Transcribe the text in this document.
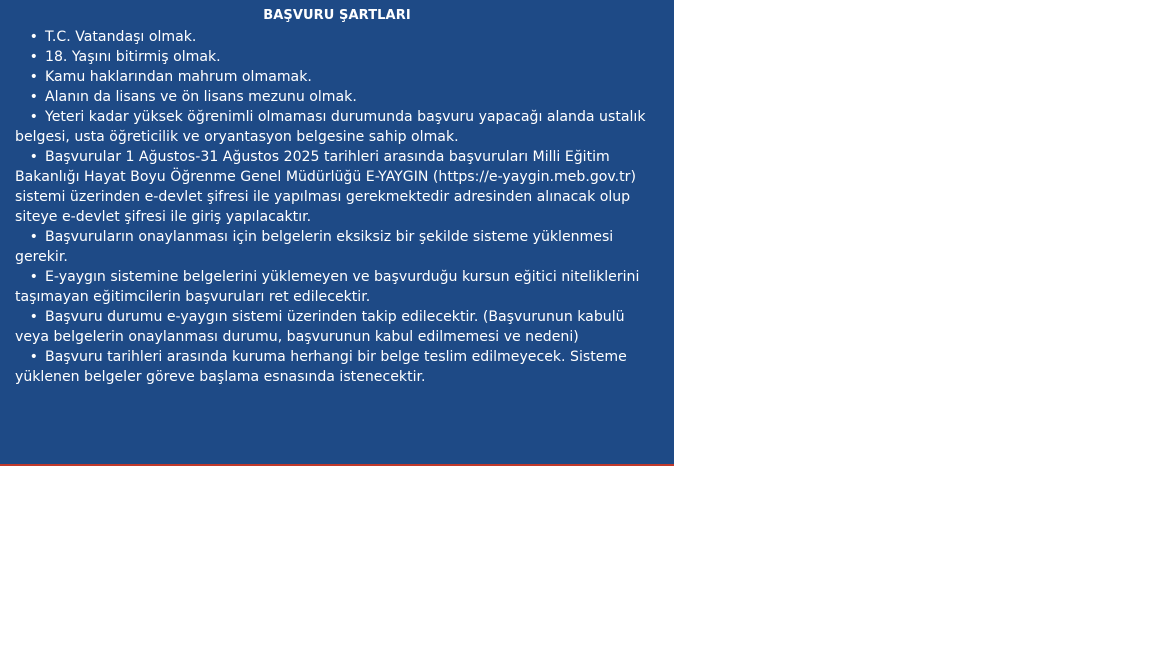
BAŞVURU ŞARTLARI
•T.C. Vatandaşı olmak.
•18. Yaşını bitirmiş olmak.
•Kamu haklarından mahrum olmamak.
•Alanın da lisans ve ön lisans mezunu olmak.
•Yeteri kadar yüksek öğrenimli olmaması durumunda başvuru yapacağı alanda ustalık belgesi, usta öğreticilik ve oryantasyon belgesine sahip olmak.
•Başvurular 1 Ağustos-31 Ağustos 2025 tarihleri arasında başvuruları Milli Eğitim Bakanlığı Hayat Boyu Öğrenme Genel Müdürlüğü E-YAYGIN (https://e-yaygin.meb.gov.tr) sistemi üzerinden e-devlet şifresi ile yapılması gerekmektedir adresinden alınacak olup siteye e-devlet şifresi ile giriş yapılacaktır.
•Başvuruların onaylanması için belgelerin eksiksiz bir şekilde sisteme yüklenmesi gerekir.
•E-yaygın sistemine belgelerini yüklemeyen ve başvurduğu kursun eğitici niteliklerini taşımayan eğitimcilerin başvuruları ret edilecektir.
•Başvuru durumu e-yaygın sistemi üzerinden takip edilecektir. (Başvurunun kabulü veya belgelerin onaylanması durumu, başvurunun kabul edilmemesi ve nedeni)
•Başvuru tarihleri arasında kuruma herhangi bir belge teslim edilmeyecek. Sisteme yüklenen belgeler göreve başlama esnasında istenecektir.
